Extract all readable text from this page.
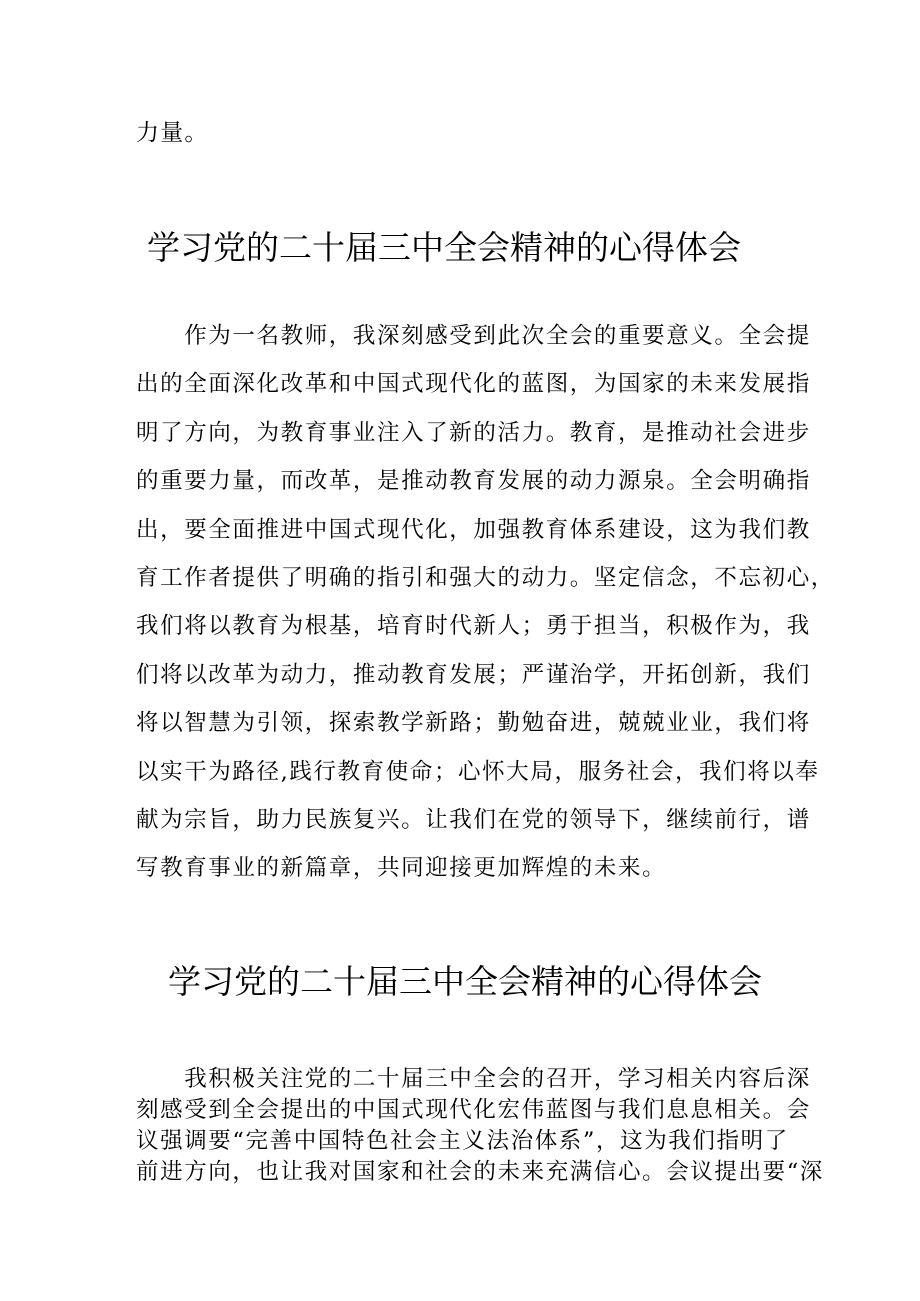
力量。

学习党的二十届三中全会精神的心得体会
　　作为一名教师，我深刻感受到此次全会的重要意义。全会提
出的全面深化改革和中国式现代化的蓝图，为国家的未来发展指
明了方向，为教育事业注入了新的活力。教育，是推动社会进步
的重要力量，而改革，是推动教育发展的动力源泉。全会明确指
出，要全面推进中国式现代化，加强教育体系建设，这为我们教
育工作者提供了明确的指引和强大的动力。坚定信念，不忘初心，
我们将以教育为根基，培育时代新人；勇于担当，积极作为，我
们将以改革为动力，推动教育发展；严谨治学，开拓创新，我们
将以智慧为引领，探索教学新路；勤勉奋进，兢兢业业，我们将
以实干为路径,践行教育使命；心怀大局，服务社会，我们将以奉
献为宗旨，助力民族复兴。让我们在党的领导下，继续前行，谱
写教育事业的新篇章，共同迎接更加辉煌的未来。
学习党的二十届三中全会精神的心得体会
　　我积极关注党的二十届三中全会的召开，学习相关内容后深
刻感受到全会提出的中国式现代化宏伟蓝图与我们息息相关。会
议强调要“完善中国特色社会主义法治体系”，这为我们指明了
前进方向，也让我对国家和社会的未来充满信心。会议提出要“深
